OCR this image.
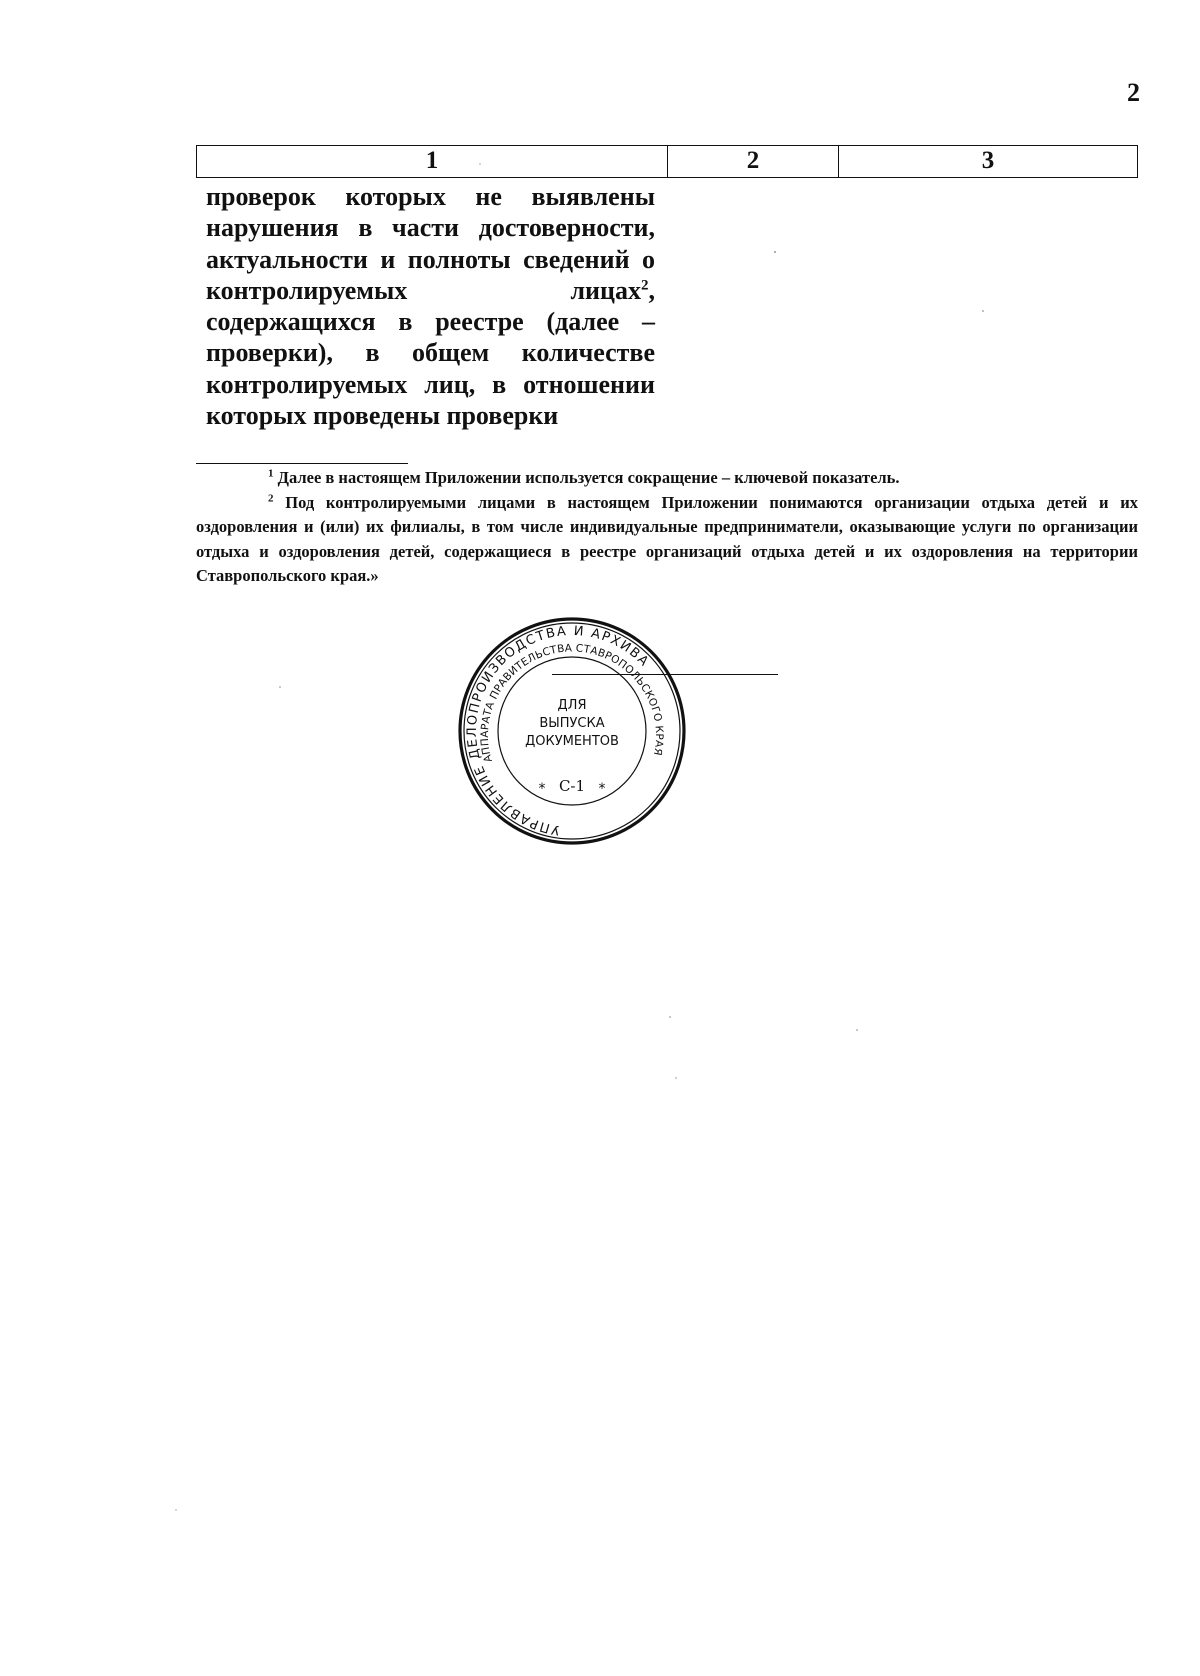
2
1	2	3
проверок которых не выявлены
нарушения в части достоверности,
актуальности и полноты сведений о
контролируемых лицах$^2$,
содержащихся в реестре (далее –
проверки), в общем количестве
контролируемых лиц, в отношении
которых проведены проверки
$^1$ Далее в настоящем Приложении используется сокращение – ключевой показатель.
$^2$ Под контролируемыми лицами в настоящем Приложении понимаются организации отдыха детей и их оздоровления и (или) их филиалы, в том числе индивидуальные предприниматели, оказывающие услуги по организации отдыха и оздоровления детей, содержащиеся в реестре организаций отдыха детей и их оздоровления на территории Ставропольского края.»
УПРАВЛЕНИЕ ДЕЛОПРОИЗВОДСТВА И АРХИВА
АППАРАТА ПРАВИТЕЛЬСТВА СТАВРОПОЛЬСКОГО КРАЯ
ДЛЯ
ВЫПУСКА
ДОКУМЕНТОВ
С-1
*	*
